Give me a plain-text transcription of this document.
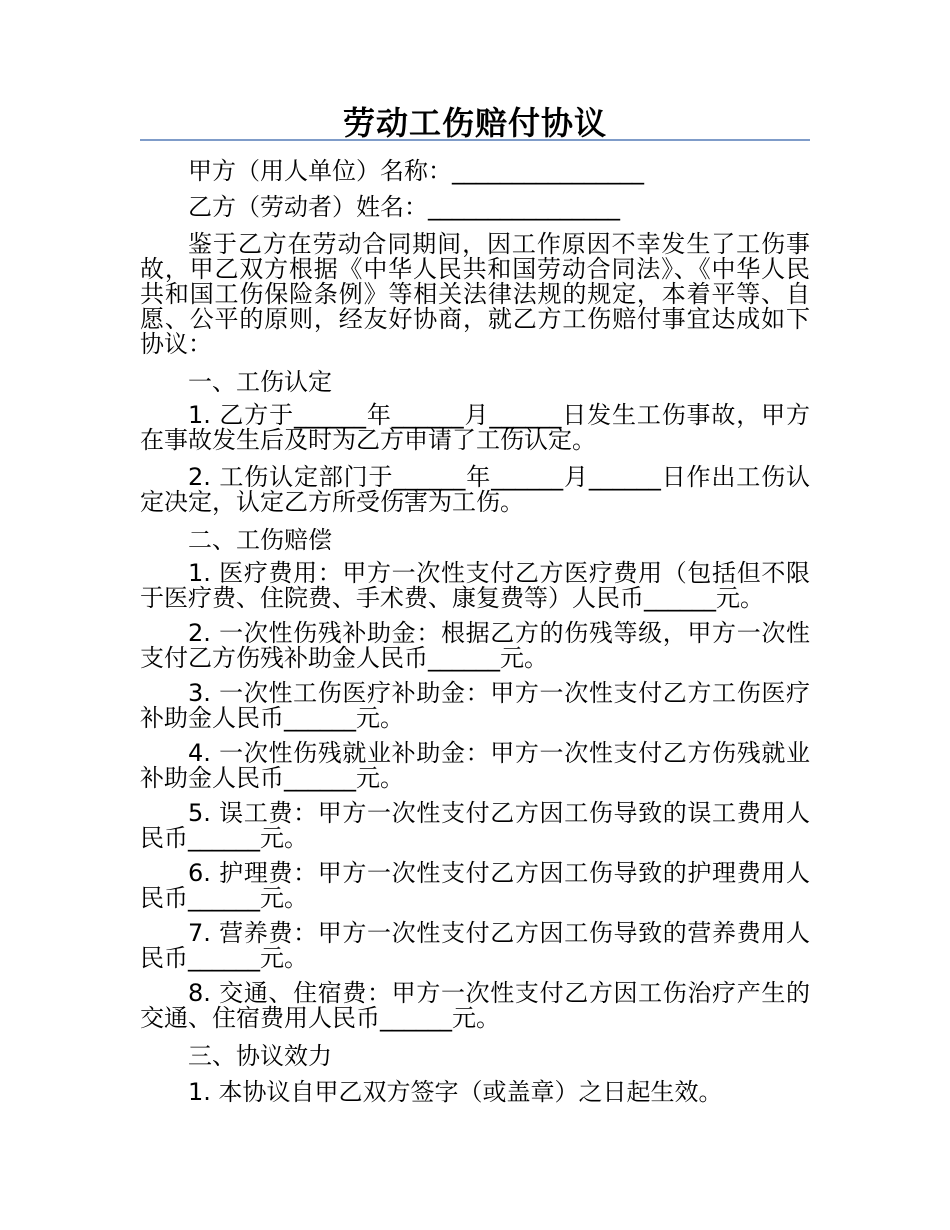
劳动工伤赔付协议

甲方（用人单位）名称：________________

乙方（劳动者）姓名：________________

鉴于乙方在劳动合同期间，因工作原因不幸发生了工伤事故，甲乙双方根据《中华人民共和国劳动合同法》、《中华人民共和国工伤保险条例》等相关法律法规的规定，本着平等、自愿、公平的原则，经友好协商，就乙方工伤赔付事宜达成如下协议：

一、工伤认定

1. 乙方于______年______月______日发生工伤事故，甲方在事故发生后及时为乙方申请了工伤认定。

2. 工伤认定部门于______年______月______日作出工伤认定决定，认定乙方所受伤害为工伤。

二、工伤赔偿

1. 医疗费用：甲方一次性支付乙方医疗费用（包括但不限于医疗费、住院费、手术费、康复费等）人民币______元。

2. 一次性伤残补助金：根据乙方的伤残等级，甲方一次性支付乙方伤残补助金人民币______元。

3. 一次性工伤医疗补助金：甲方一次性支付乙方工伤医疗补助金人民币______元。

4. 一次性伤残就业补助金：甲方一次性支付乙方伤残就业补助金人民币______元。

5. 误工费：甲方一次性支付乙方因工伤导致的误工费用人民币______元。

6. 护理费：甲方一次性支付乙方因工伤导致的护理费用人民币______元。

7. 营养费：甲方一次性支付乙方因工伤导致的营养费用人民币______元。

8. 交通、住宿费：甲方一次性支付乙方因工伤治疗产生的交通、住宿费用人民币______元。

三、协议效力

1. 本协议自甲乙双方签字（或盖章）之日起生效。
